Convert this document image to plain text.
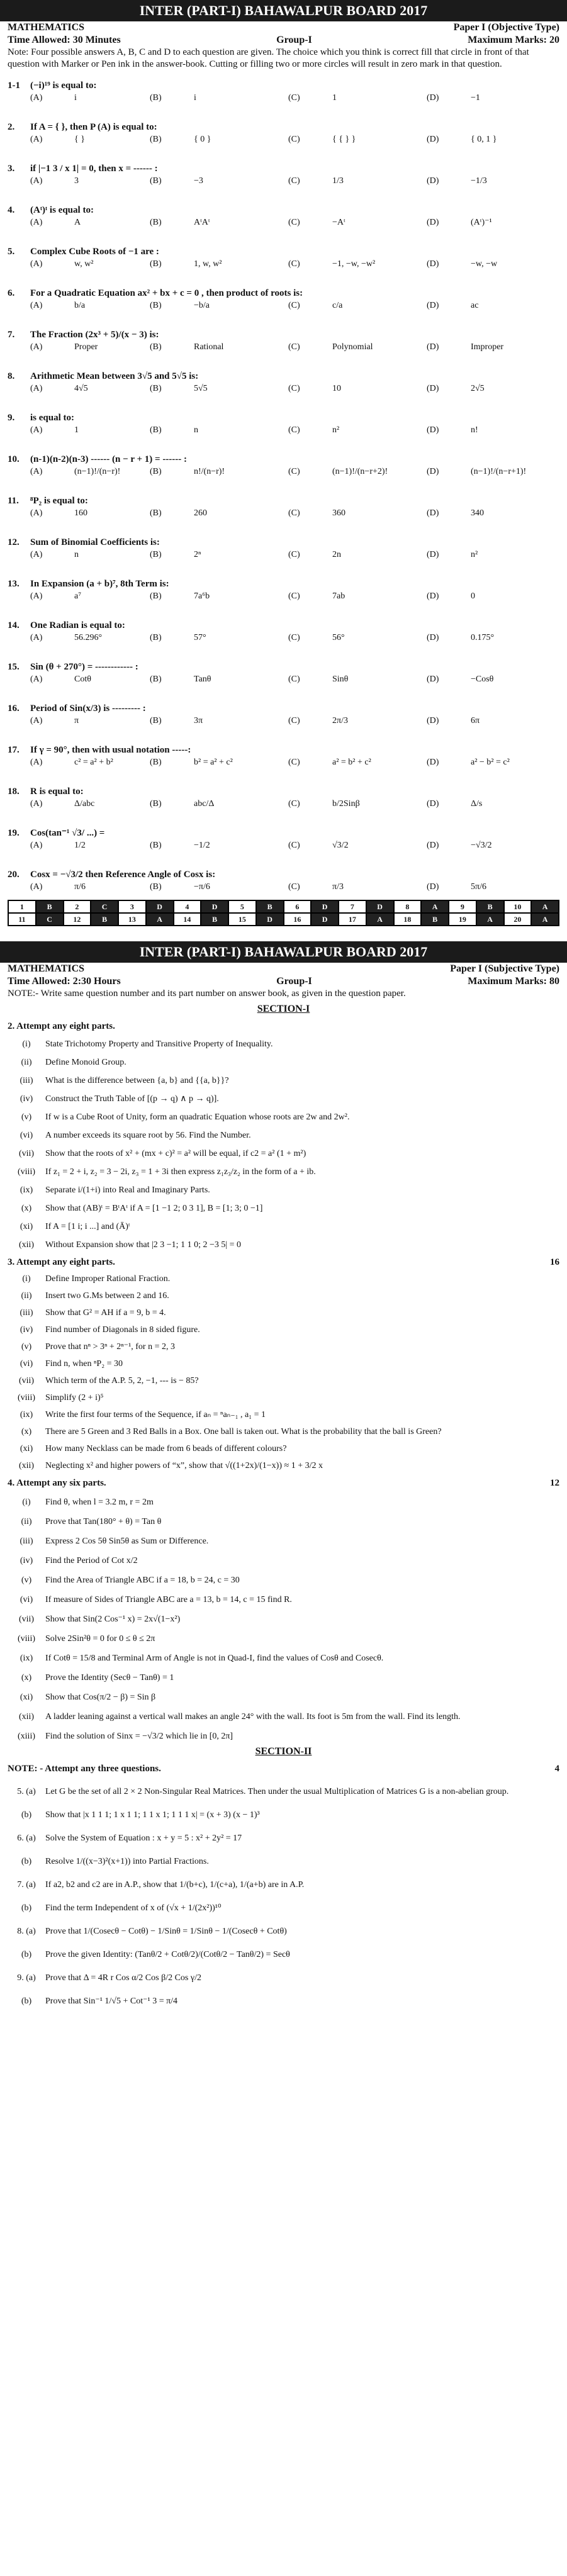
INTER (PART-I) BAHAWALPUR BOARD 2017
MATHEMATICS	Paper I (Objective Type)
Time Allowed: 30 Minutes	Group-I	Maximum Marks: 20
Note: Four possible answers A, B, C and D to each question are given. The choice which you think is correct fill that circle in front of that question with Marker or Pen ink in the answer-book. Cutting or filling two or more circles will result in zero mark in that question.
1-1	(−i)¹⁹ is equal to:
(A)	i	(B)	i	(C)	1	(D)	−1
2.	If A = { }, then P (A) is equal to:
(A)	{ }	(B)	{ 0 }	(C)	{ { } }	(D)	{ 0, 1 }
3.	if |−1 3 / x 1| = 0, then x = ------ :
(A)	3	(B)	−3	(C)	1/3	(D)	−1/3
4.	(Aᵗ)ᵗ is equal to:
(A)	A	(B)	AᵗAᵗ	(C)	−Aᵗ	(D)	(Aᵗ)⁻¹
5.	Complex Cube Roots of −1 are :
(A)	w, w²	(B)	1, w, w²	(C)	−1, −w, −w²	(D)	−w, −w
6.	For a Quadratic Equation ax² + bx + c = 0 , then product of roots is:
(A)	b/a	(B)	−b/a	(C)	c/a	(D)	ac
7.	The Fraction (2x³ + 5)/(x − 3) is:
(A)	Proper	(B)	Rational	(C)	Polynomial	(D)	Improper
8.	Arithmetic Mean between 3√5 and 5√5 is:
(A)	4√5	(B)	5√5	(C)	10	(D)	2√5
9.	is equal to:
(A)	1	(B)	n	(C)	n²	(D)	n!
10.	(n-1)(n-2)(n-3) ------ (n − r + 1) = ------ :
(A)	(n−1)!/(n−r)!	(B)	n!/(n−r)!	(C)	(n−1)!/(n−r+2)!	(D)	(n−1)!/(n−r+1)!
11.	⁸P₂ is equal to:
(A)	160	(B)	260	(C)	360	(D)	340
12.	Sum of Binomial Coefficients is:
(A)	n	(B)	2ⁿ	(C)	2n	(D)	n²
13.	In Expansion (a + b)⁷, 8th Term is:
(A)	a⁷	(B)	7a⁶b	(C)	7ab	(D)	0
14.	One Radian is equal to:
(A)	56.296°	(B)	57°	(C)	56°	(D)	0.175°
15.	Sin (θ + 270°) = ------------ :
(A)	Cotθ	(B)	Tanθ	(C)	Sinθ	(D)	−Cosθ
16.	Period of Sin(x/3) is --------- :
(A)	π	(B)	3π	(C)	2π/3	(D)	6π
17.	If γ = 90°, then with usual notation -----:
(A)	c² = a² + b²	(B)	b² = a² + c²	(C)	a² = b² + c²	(D)	a² − b² = c²
18.	R is equal to:
(A)	Δ/abc	(B)	abc/Δ	(C)	b/2Sinβ	(D)	Δ/s
19.	Cos(tan⁻¹ √3/ ...) =
(A)	1/2	(B)	−1/2	(C)	√3/2	(D)	−√3/2
20.	Cosx = −√3/2 then Reference Angle of Cosx is:
(A)	π/6	(B)	−π/6	(C)	π/3	(D)	5π/6
1	B	2	C	3	D	4	D	5	B	6	D	7	D	8	A	9	B	10	A
11	C	12	B	13	A	14	B	15	D	16	D	17	A	18	B	19	A	20	A
INTER (PART-I) BAHAWALPUR BOARD 2017
MATHEMATICS	Paper I (Subjective Type)
Time Allowed: 2:30 Hours	Group-I	Maximum Marks: 80
NOTE:- Write same question number and its part number on answer book, as given in the question paper.
SECTION-I
2. Attempt any eight parts.
(i)	State Trichotomy Property and Transitive Property of Inequality.
(ii)	Define Monoid Group.
(iii)	What is the difference between {a, b} and {{a, b}}?
(iv)	Construct the Truth Table of [(p → q) ∧ p → q)].
(v)	If w is a Cube Root of Unity, form an quadratic Equation whose roots are 2w and 2w².
(vi)	A number exceeds its square root by 56. Find the Number.
(vii)	Show that the roots of x² + (mx + c)² = a² will be equal, if c2 = a² (1 + m²)
(viii)	If z₁ = 2 + i, z₂ = 3 − 2i, z₃ = 1 + 3i then express z₁z₃/z₂ in the form of a + ib.
(ix)	Separate i/(1+i) into Real and Imaginary Parts.
(x)	Show that (AB)ᵗ = BᵗAᵗ if A = [1 −1 2; 0 3 1], B = [1; 3; 0 −1]
(xi)	If A = [1 i; i ...] and (Ā)ᵗ
(xii)	Without Expansion show that |2 3 −1; 1 1 0; 2 −3 5| = 0
3. Attempt any eight parts.	16
(i)	Define Improper Rational Fraction.
(ii)	Insert two G.Ms between 2 and 16.
(iii)	Show that G² = AH if a = 9, b = 4.
(iv)	Find number of Diagonals in 8 sided figure.
(v)	Prove that nⁿ > 3ⁿ + 2ⁿ⁻¹, for n = 2, 3
(vi)	Find n, when ⁿP₂ = 30
(vii)	Which term of the A.P. 5, 2, −1, --- is − 85?
(viii)	Simplify (2 + i)⁵
(ix)	Write the first four terms of the Sequence, if aₙ = ⁿaₙ₋₁ , a₁ = 1
(x)	There are 5 Green and 3 Red Balls in a Box. One ball is taken out. What is the probability that the ball is Green?
(xi)	How many Necklass can be made from 6 beads of different colours?
(xii)	Neglecting x² and higher powers of “x”, show that √((1+2x)/(1−x)) ≈ 1 + 3/2 x
4. Attempt any six parts.	12
(i)	Find θ, when l = 3.2 m, r = 2m
(ii)	Prove that Tan(180° + θ) = Tan θ
(iii)	Express 2 Cos 5θ Sin5θ as Sum or Difference.
(iv)	Find the Period of Cot x/2
(v)	Find the Area of Triangle ABC if a = 18, b = 24, c = 30
(vi)	If measure of Sides of Triangle ABC are a = 13, b = 14, c = 15 find R.
(vii)	Show that Sin(2 Cos⁻¹ x) = 2x√(1−x²)
(viii)	Solve 2Sin²θ = 0 for 0 ≤ θ ≤ 2π
(ix)	If Cotθ = 15/8 and Terminal Arm of Angle is not in Quad-I, find the values of Cosθ and Cosecθ.
(x)	Prove the Identity (Secθ − Tanθ) = 1
(xi)	Show that Cos(π/2 − β) = Sin β
(xii)	A ladder leaning against a vertical wall makes an angle 24° with the wall. Its foot is 5m from the wall. Find its length.
(xiii)	Find the solution of Sinx = −√3/2 which lie in [0, 2π]
SECTION-II
NOTE: - Attempt any three questions.	4
5. (a)	Let G be the set of all 2 × 2 Non-Singular Real Matrices. Then under the usual Multiplication of Matrices G is a non-abelian group.
(b)	Show that |x 1 1 1; 1 x 1 1; 1 1 x 1; 1 1 1 x| = (x + 3) (x − 1)³
6. (a)	Solve the System of Equation : x + y = 5 : x² + 2y² = 17
(b)	Resolve 1/((x−3)²(x+1)) into Partial Fractions.
7. (a)	If a2, b2 and c2 are in A.P., show that 1/(b+c), 1/(c+a), 1/(a+b) are in A.P.
(b)	Find the term Independent of x of (√x + 1/(2x²))¹⁰
8. (a)	Prove that 1/(Cosecθ − Cotθ) − 1/Sinθ = 1/Sinθ − 1/(Cosecθ + Cotθ)
(b)	Prove the given Identity: (Tanθ/2 + Cotθ/2)/(Cotθ/2 − Tanθ/2) = Secθ
9. (a)	Prove that Δ = 4R r Cos α/2 Cos β/2 Cos γ/2
(b)	Prove that Sin⁻¹ 1/√5 + Cot⁻¹ 3 = π/4
